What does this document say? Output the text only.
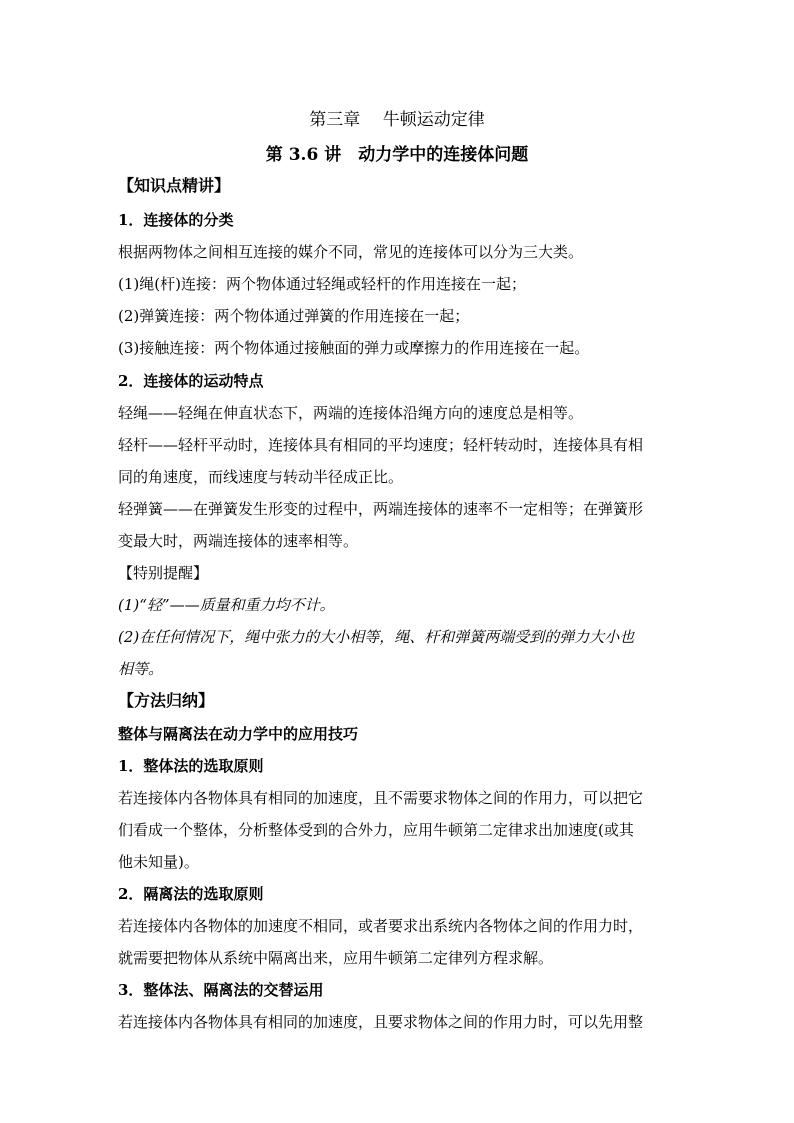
第三章　 牛顿运动定律
第 3.6 讲　动力学中的连接体问题
【知识点精讲】
1．连接体的分类
根据两物体之间相互连接的媒介不同，常见的连接体可以分为三大类。
(1)绳(杆)连接：两个物体通过轻绳或轻杆的作用连接在一起；
(2)弹簧连接：两个物体通过弹簧的作用连接在一起；
(3)接触连接：两个物体通过接触面的弹力或摩擦力的作用连接在一起。
2．连接体的运动特点
轻绳——轻绳在伸直状态下，两端的连接体沿绳方向的速度总是相等。
轻杆——轻杆平动时，连接体具有相同的平均速度；轻杆转动时，连接体具有相
同的角速度，而线速度与转动半径成正比。
轻弹簧——在弹簧发生形变的过程中，两端连接体的速率不一定相等；在弹簧形
变最大时，两端连接体的速率相等。
【特别提醒】
(1)“轻”——质量和重力均不计。
(2)在任何情况下，绳中张力的大小相等，绳、杆和弹簧两端受到的弹力大小也
相等。
【方法归纳】
整体与隔离法在动力学中的应用技巧
1．整体法的选取原则
若连接体内各物体具有相同的加速度，且不需要求物体之间的作用力，可以把它
们看成一个整体，分析整体受到的合外力，应用牛顿第二定律求出加速度(或其
他未知量)。
2．隔离法的选取原则
若连接体内各物体的加速度不相同，或者要求出系统内各物体之间的作用力时，
就需要把物体从系统中隔离出来，应用牛顿第二定律列方程求解。
3．整体法、隔离法的交替运用
若连接体内各物体具有相同的加速度，且要求物体之间的作用力时，可以先用整
